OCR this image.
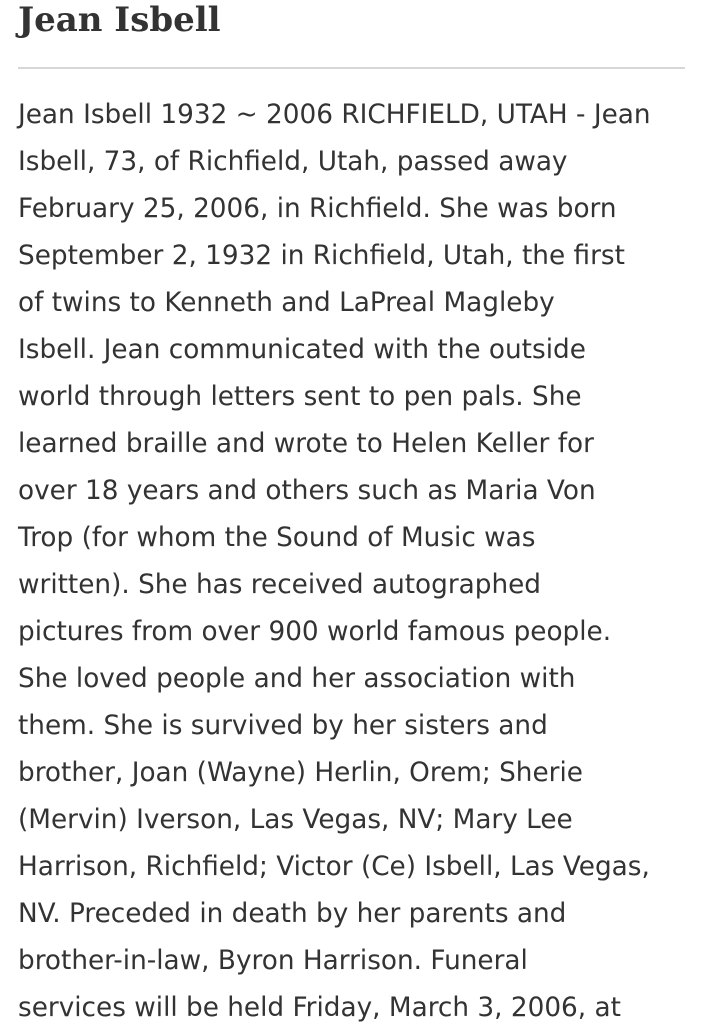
Jean Isbell
Jean Isbell 1932 ~ 2006 RICHFIELD, UTAH - Jean
Isbell, 73, of Richfield, Utah, passed away
February 25, 2006, in Richfield. She was born
September 2, 1932 in Richfield, Utah, the first
of twins to Kenneth and LaPreal Magleby
Isbell. Jean communicated with the outside
world through letters sent to pen pals. She
learned braille and wrote to Helen Keller for
over 18 years and others such as Maria Von
Trop (for whom the Sound of Music was
written). She has received autographed
pictures from over 900 world famous people.
She loved people and her association with
them. She is survived by her sisters and
brother, Joan (Wayne) Herlin, Orem; Sherie
(Mervin) Iverson, Las Vegas, NV; Mary Lee
Harrison, Richfield; Victor (Ce) Isbell, Las Vegas,
NV. Preceded in death by her parents and
brother-in-law, Byron Harrison. Funeral
services will be held Friday, March 3, 2006, at
